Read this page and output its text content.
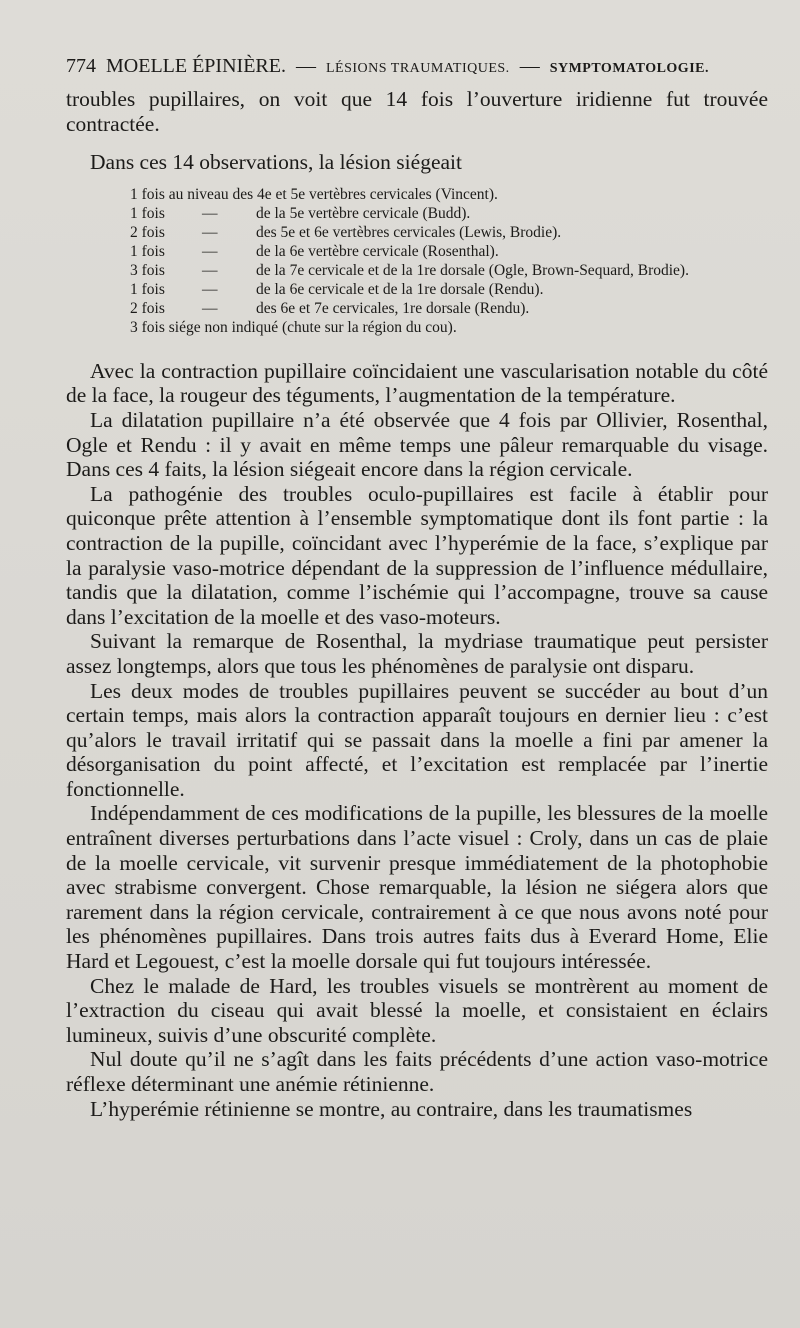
774 MOELLE ÉPINIÈRE. — LÉSIONS TRAUMATIQUES. — SYMPTOMATOLOGIE.

troubles pupillaires, on voit que 14 fois l’ouverture iridienne fut trouvée contractée.

Dans ces 14 observations, la lésion siégeait
1 fois au niveau des 4e et 5e vertèbres cervicales (Vincent).
1 fois	—	de la 5e vertèbre cervicale (Budd).
2 fois	—	des 5e et 6e vertèbres cervicales (Lewis, Brodie).
1 fois	—	de la 6e vertèbre cervicale (Rosenthal).
3 fois	—	de la 7e cervicale et de la 1re dorsale (Ogle, Brown-Sequard, Brodie).
1 fois	—	de la 6e cervicale et de la 1re dorsale (Rendu).
2 fois	—	des 6e et 7e cervicales, 1re dorsale (Rendu).
3 fois siége non indiqué (chute sur la région du cou).

Avec la contraction pupillaire coïncidaient une vascularisation notable du côté de la face, la rougeur des téguments, l’augmentation de la température.

La dilatation pupillaire n’a été observée que 4 fois par Ollivier, Rosenthal, Ogle et Rendu : il y avait en même temps une pâleur remarquable du visage. Dans ces 4 faits, la lésion siégeait encore dans la région cervicale.

La pathogénie des troubles oculo-pupillaires est facile à établir pour quiconque prête attention à l’ensemble symptomatique dont ils font partie : la contraction de la pupille, coïncidant avec l’hyperémie de la face, s’explique par la paralysie vaso-motrice dépendant de la suppression de l’influence médullaire, tandis que la dilatation, comme l’ischémie qui l’accompagne, trouve sa cause dans l’excitation de la moelle et des vaso-moteurs.

Suivant la remarque de Rosenthal, la mydriase traumatique peut persister assez longtemps, alors que tous les phénomènes de paralysie ont disparu.

Les deux modes de troubles pupillaires peuvent se succéder au bout d’un certain temps, mais alors la contraction apparaît toujours en dernier lieu : c’est qu’alors le travail irritatif qui se passait dans la moelle a fini par amener la désorganisation du point affecté, et l’excitation est remplacée par l’inertie fonctionnelle.

Indépendamment de ces modifications de la pupille, les blessures de la moelle entraînent diverses perturbations dans l’acte visuel : Croly, dans un cas de plaie de la moelle cervicale, vit survenir presque immédiatement de la photophobie avec strabisme convergent. Chose remarquable, la lésion ne siégera alors que rarement dans la région cervicale, contrairement à ce que nous avons noté pour les phénomènes pupillaires. Dans trois autres faits dus à Everard Home, Elie Hard et Legouest, c’est la moelle dorsale qui fut toujours intéressée.

Chez le malade de Hard, les troubles visuels se montrèrent au moment de l’extraction du ciseau qui avait blessé la moelle, et consistaient en éclairs lumineux, suivis d’une obscurité complète.

Nul doute qu’il ne s’agît dans les faits précédents d’une action vaso-motrice réflexe déterminant une anémie rétinienne.

L’hyperémie rétinienne se montre, au contraire, dans les traumatismes
